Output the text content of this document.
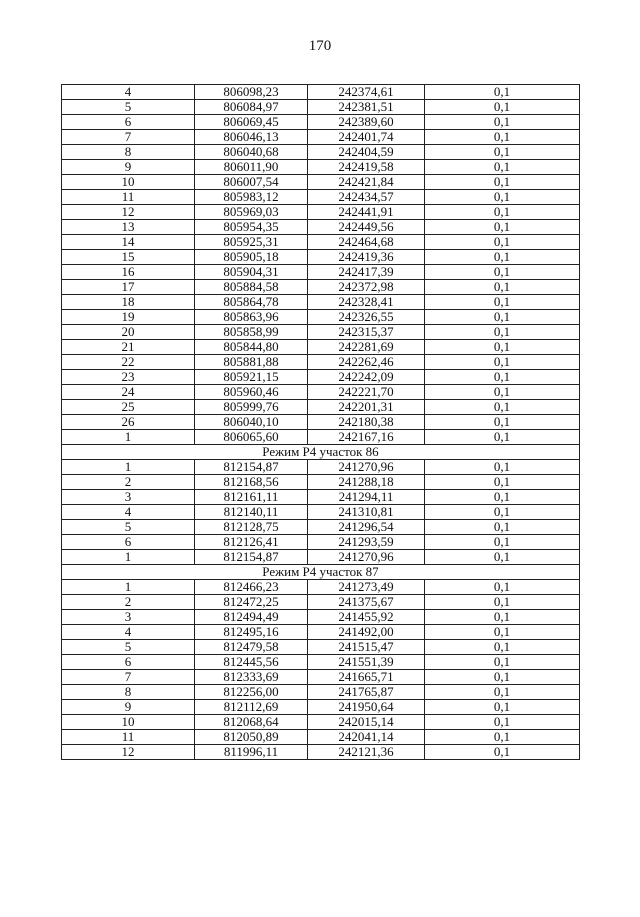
170
4	806098,23	242374,61	0,1
5	806084,97	242381,51	0,1
6	806069,45	242389,60	0,1
7	806046,13	242401,74	0,1
8	806040,68	242404,59	0,1
9	806011,90	242419,58	0,1
10	806007,54	242421,84	0,1
11	805983,12	242434,57	0,1
12	805969,03	242441,91	0,1
13	805954,35	242449,56	0,1
14	805925,31	242464,68	0,1
15	805905,18	242419,36	0,1
16	805904,31	242417,39	0,1
17	805884,58	242372,98	0,1
18	805864,78	242328,41	0,1
19	805863,96	242326,55	0,1
20	805858,99	242315,37	0,1
21	805844,80	242281,69	0,1
22	805881,88	242262,46	0,1
23	805921,15	242242,09	0,1
24	805960,46	242221,70	0,1
25	805999,76	242201,31	0,1
26	806040,10	242180,38	0,1
1	806065,60	242167,16	0,1
Режим Р4 участок 86			
1	812154,87	241270,96	0,1
2	812168,56	241288,18	0,1
3	812161,11	241294,11	0,1
4	812140,11	241310,81	0,1
5	812128,75	241296,54	0,1
6	812126,41	241293,59	0,1
1	812154,87	241270,96	0,1
Режим Р4 участок 87			
1	812466,23	241273,49	0,1
2	812472,25	241375,67	0,1
3	812494,49	241455,92	0,1
4	812495,16	241492,00	0,1
5	812479,58	241515,47	0,1
6	812445,56	241551,39	0,1
7	812333,69	241665,71	0,1
8	812256,00	241765,87	0,1
9	812112,69	241950,64	0,1
10	812068,64	242015,14	0,1
11	812050,89	242041,14	0,1
12	811996,11	242121,36	0,1
